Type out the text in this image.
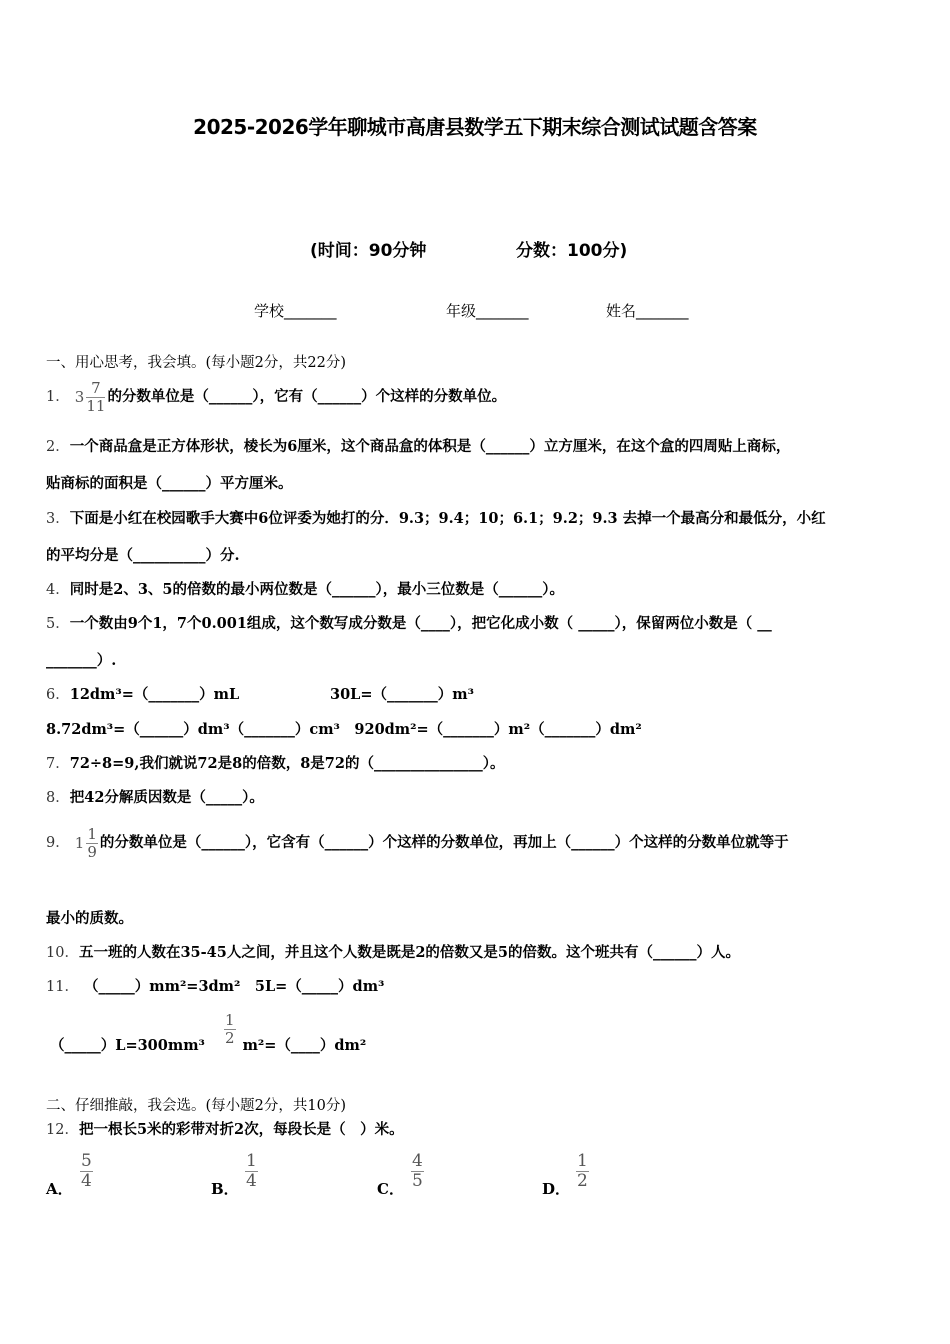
2025-2026学年聊城市高唐县数学五下期末综合测试试题含答案
(时间：90分钟	分数：100分)
学校_______	年级_______	姓名_______
一、用心思考，我会填。(每小题2分，共22分)
1． $3 \frac{7}{11}$ 的分数单位是（______），它有（______）个这样的分数单位。
2．一个商品盒是正方体形状，棱长为6厘米，这个商品盒的体积是（______）立方厘米，在这个盒的四周贴上商标，
贴商标的面积是（______）平方厘米。
3．下面是小红在校园歌手大赛中6位评委为她打的分．9.3；9.4；10；6.1；9.2；9.3 去掉一个最高分和最低分，小红
的平均分是（__________）分.
4．同时是2、3、5的倍数的最小两位数是（______），最小三位数是（______）。
5．一个数由9个1，7个0.001组成，这个数写成分数是（____），把它化成小数（ _____），保留两位小数是（ __
_______）.
6．12dm³=（_______）mL	30L=（_______）m³
8.72dm³=（______）dm³（_______）cm³　920dm²=（_______）m²（_______）dm²
7．72÷8=9,我们就说72是8的倍数，8是72的（_______________）。
8．把42分解质因数是（_____）。
9． $1 \frac{1}{9}$ 的分数单位是（______），它含有（______）个这样的分数单位，再加上（______）个这样的分数单位就等于
最小的质数。
10．五一班的人数在35-45人之间，并且这个人数是既是2的倍数又是5的倍数。这个班共有（______）人。
11． （_____）mm²=3dm²　5L=（_____）dm³
（_____）L=300mm³ $\frac{1}{2}$ m²=（____）dm²
二、仔细推敲，我会选。(每小题2分，共10分)
12．把一根长5米的彩带对折2次，每段长是（　）米。
A． $\frac{5}{4}$	B． $\frac{1}{4}$	C． $\frac{4}{5}$	D． $\frac{1}{2}$
